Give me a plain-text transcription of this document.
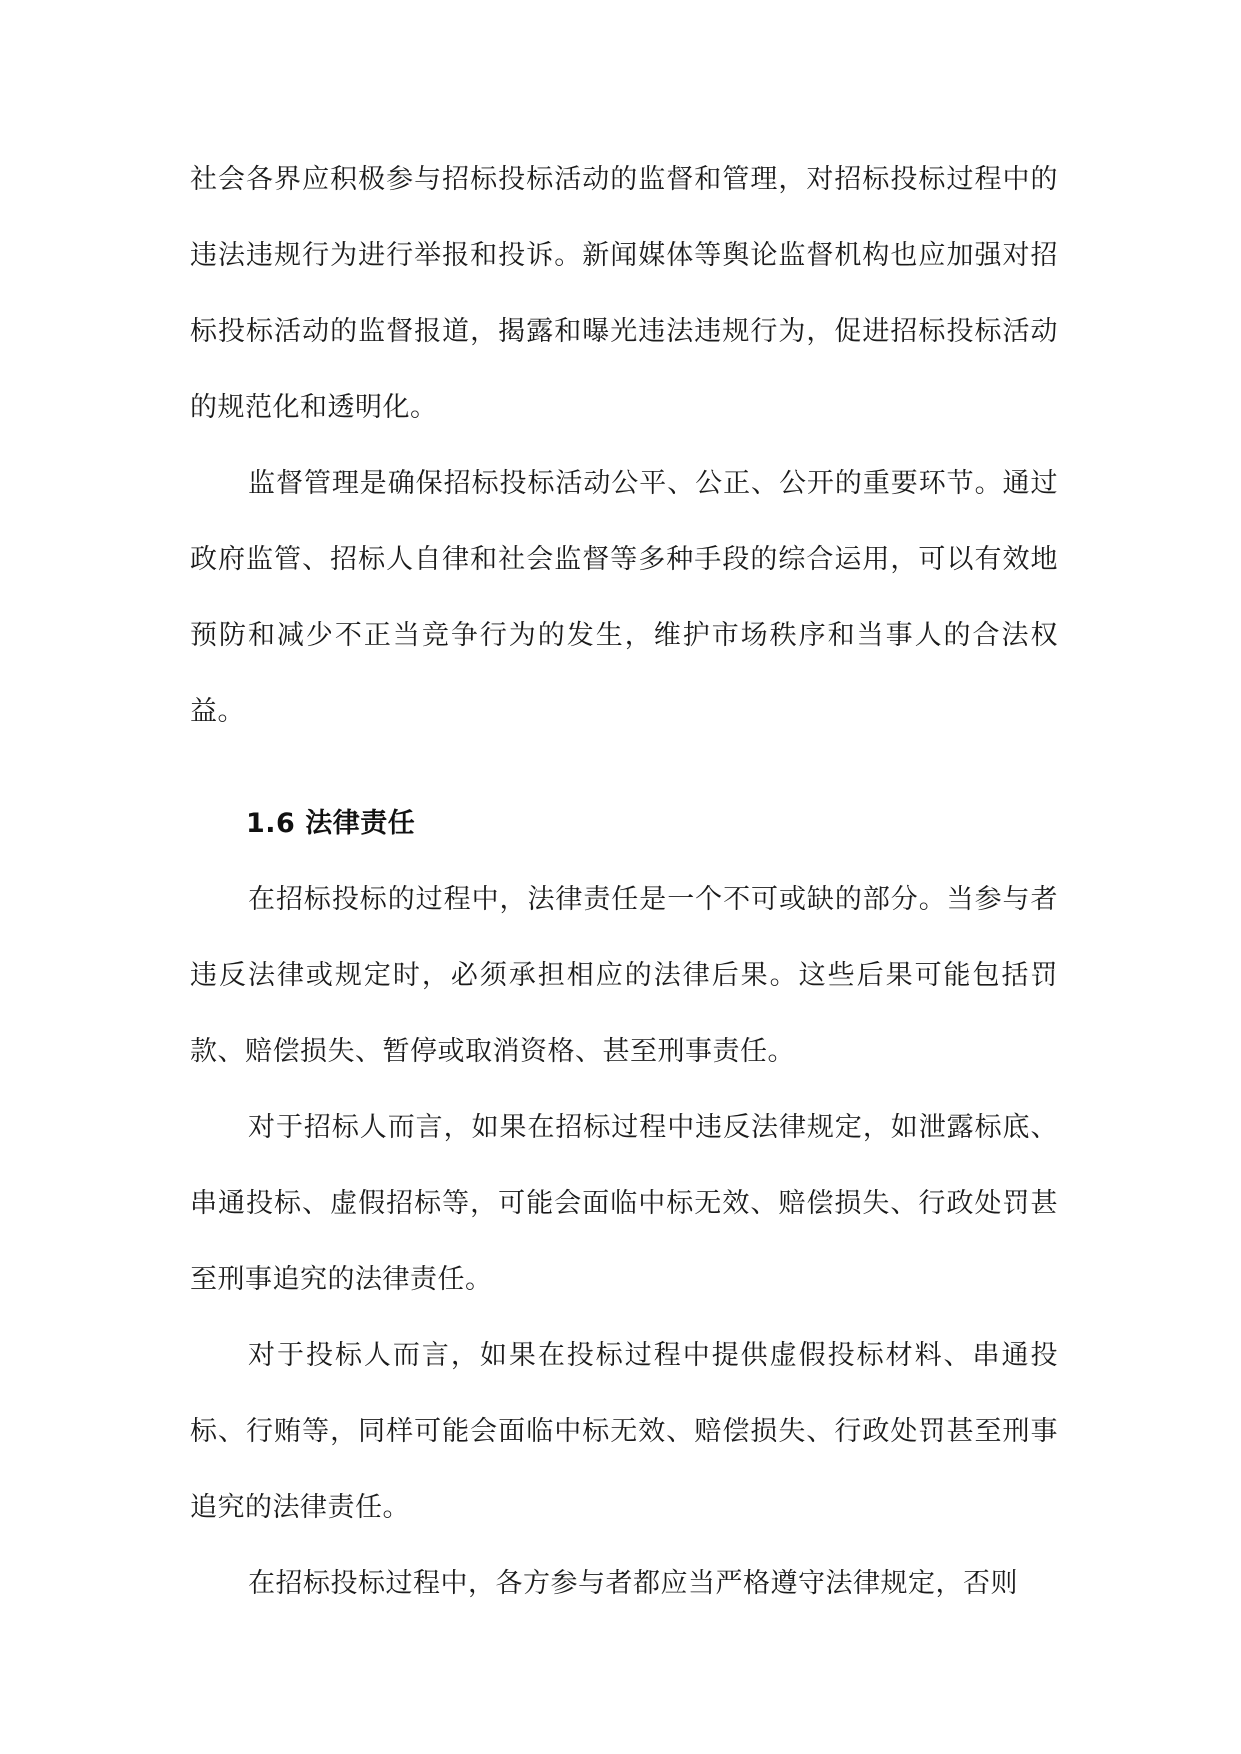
社会各界应积极参与招标投标活动的监督和管理，对招标投标过程中的违法违规行为进行举报和投诉。新闻媒体等舆论监督机构也应加强对招标投标活动的监督报道，揭露和曝光违法违规行为，促进招标投标活动的规范化和透明化。

监督管理是确保招标投标活动公平、公正、公开的重要环节。通过政府监管、招标人自律和社会监督等多种手段的综合运用，可以有效地预防和减少不正当竞争行为的发生，维护市场秩序和当事人的合法权益。

1.6 法律责任

在招标投标的过程中，法律责任是一个不可或缺的部分。当参与者违反法律或规定时，必须承担相应的法律后果。这些后果可能包括罚款、赔偿损失、暂停或取消资格、甚至刑事责任。

对于招标人而言，如果在招标过程中违反法律规定，如泄露标底、串通投标、虚假招标等，可能会面临中标无效、赔偿损失、行政处罚甚至刑事追究的法律责任。

对于投标人而言，如果在投标过程中提供虚假投标材料、串通投标、行贿等，同样可能会面临中标无效、赔偿损失、行政处罚甚至刑事追究的法律责任。

在招标投标过程中，各方参与者都应当严格遵守法律规定，否则
